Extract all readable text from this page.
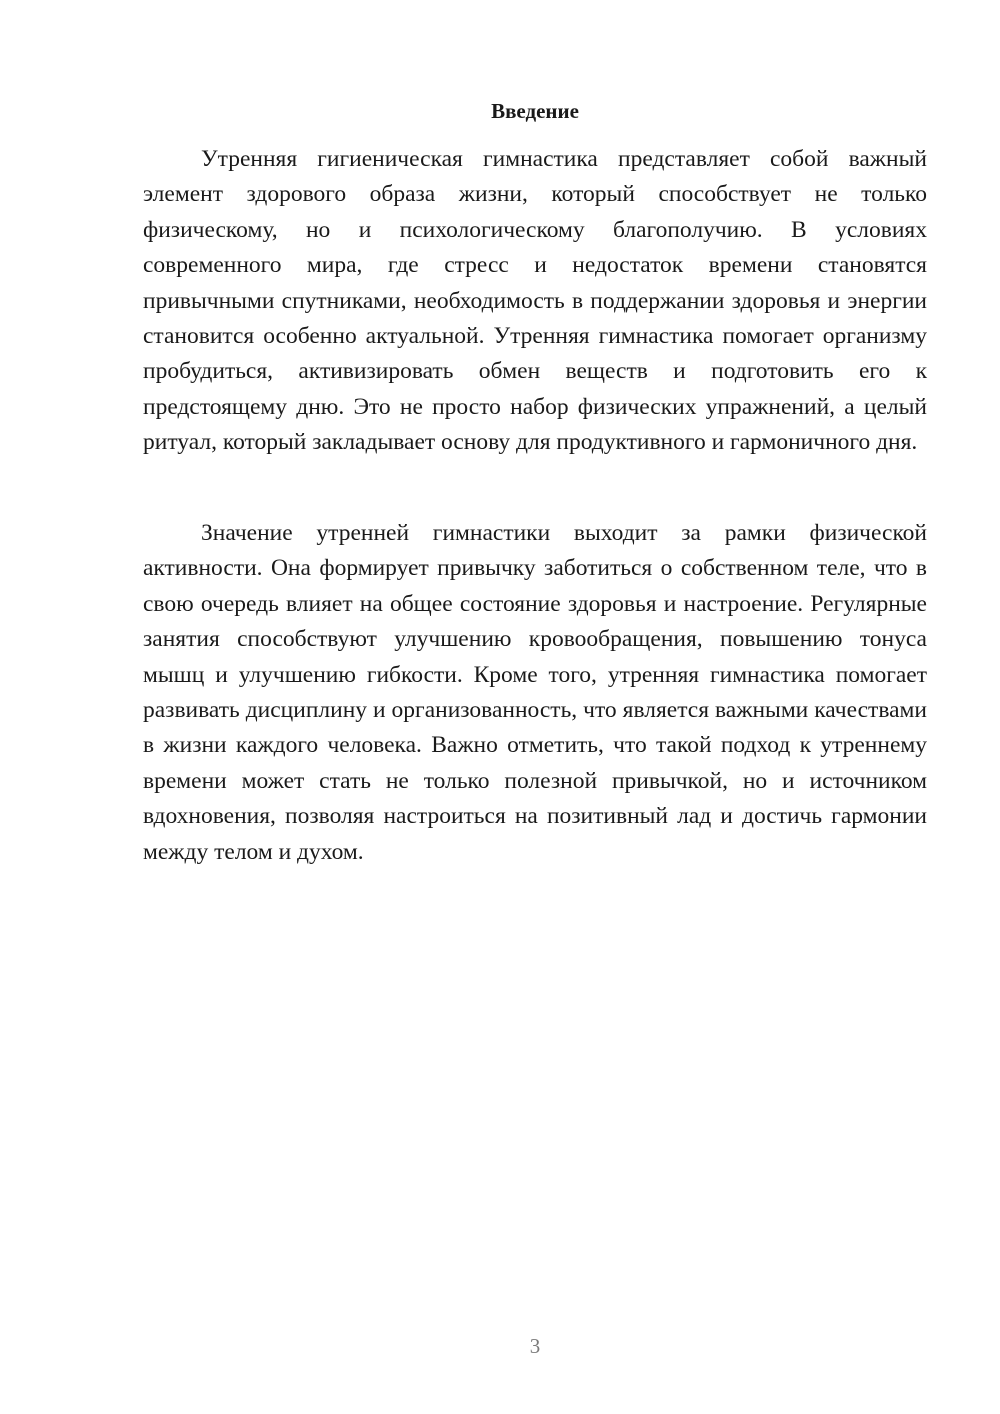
Введение

Утренняя гигиеническая гимнастика представляет собой важный элемент здорового образа жизни, который способствует не только физическому, но и психологическому благополучию. В условиях современного мира, где стресс и недостаток времени становятся привычными спутниками, необходимость в поддержании здоровья и энергии становится особенно актуальной. Утренняя гимнастика помогает организму пробудиться, активизировать обмен веществ и подготовить его к предстоящему дню. Это не просто набор физических упражнений, а целый ритуал, который закладывает основу для продуктивного и гармоничного дня.

Значение утренней гимнастики выходит за рамки физической активности. Она формирует привычку заботиться о собственном теле, что в свою очередь влияет на общее состояние здоровья и настроение. Регулярные занятия способствуют улучшению кровообращения, повышению тонуса мышц и улучшению гибкости. Кроме того, утренняя гимнастика помогает развивать дисциплину и организованность, что является важными качествами в жизни каждого человека. Важно отметить, что такой подход к утреннему времени может стать не только полезной привычкой, но и источником вдохновения, позволяя настроиться на позитивный лад и достичь гармонии между телом и духом.

3
